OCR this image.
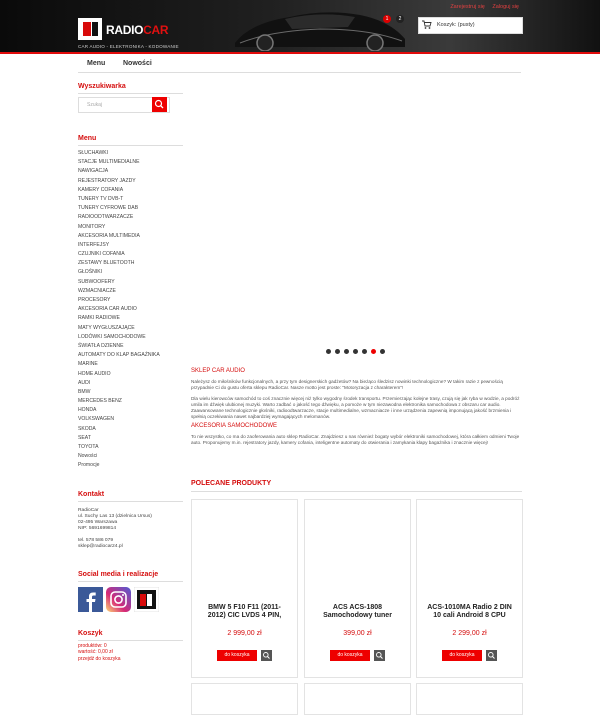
RADIOCAR
CAR AUDIO - ELEKTRONIKA - KODOWANIE
Zarejestruj się Zaloguj się
1	2
Koszyk: (pusty)
Menu	Nowości
Wyszukiwarka
Szukaj
Menu
SŁUCHAWKI
STACJE MULTIMEDIALNE
NAWIGACJA
REJESTRATORY JAZDY
KAMERY COFANIA
TUNERY TV DVB-T
TUNERY CYFROWE DAB
RADIOODTWARZACZE
MONITORY
AKCESORIA MULTIMEDIA
INTERFEJSY
CZUJNIKI COFANIA
ZESTAWY BLUETOOTH
GŁOŚNIKI
SUBWOOFERY
WZMACNIACZE
PROCESORY
AKCESORIA CAR AUDIO
RAMKI RADIOWE
MATY WYGŁUSZAJĄCE
LODÓWKI SAMOCHODOWE
ŚWIATŁA DZIENNE
AUTOMATY DO KLAP BAGAŻNIKA
MARINE
HOME AUDIO
AUDI
BMW
MERCEDES BENZ
HONDA
VOLKSWAGEN
SKODA
SEAT
TOYOTA
Nowości
Promocje
Kontakt
RadioCar
ul. Suchy Las 13 (dzielnica Ursus)
02-495 Warszawa
NIP: 5691699814
tel. 578 586 079
sklep@radiocar24.pl
Social media i realizacje
Koszyk
produktów: 0
wartość: 0,00 zł
przejdź do koszyka
SKLEP CAR AUDIO
Należysz do miłośników funkcjonalnych, a przy tym designerskich gadżetów? Na bieżąco śledzisz nowinki technologiczne? W takim razie z pewnością przypadnie Ci do gustu oferta sklepu RadioCar. Nasze motto jest proste: "Motoryzacja z charakterem"!
Dla wielu kierowców samochód to coś znacznie więcej niż tylko wygodny środek transportu. Przemierzając kolejne trasy, czują się jak ryba w wodzie, a podróż umila im dźwięk ulubionej muzyki. Warto zadbać o jakość tego dźwięku, a pomoże w tym niezawodna elektronika samochodowa z obszaru car audio. Zaawansowane technologicznie głośniki, radioodtwarzacze, stacje multimedialne, wzmacniacze i inne urządzenia zapewnią imponującą jakość brzmienia i spełnią oczekiwania nawet najbardziej wymagających melomanów.
AKCESORIA SAMOCHODOWE
To nie wszystko, co ma do zaoferowania auto sklep RadioCar. Znajdziesz u nas również bogaty wybór elektroniki samochodowej, która całkiem odmieni Twoje auto. Proponujemy m.in. rejestratory jazdy, kamery cofania, inteligentne automaty do otwierania i zamykania klapy bagażnika i znacznie więcej!
POLECANE PRODUKTY
BMW 5 F10 F11 (2011-2012) CIC LVDS 4 PIN,
2 999,00 zł
do koszyka
ACS ACS-1808 Samochodowy tuner
399,00 zł
do koszyka
ACS-1010MA Radio 2 DIN 10 cali Android 8 CPU
2 299,00 zł
do koszyka
